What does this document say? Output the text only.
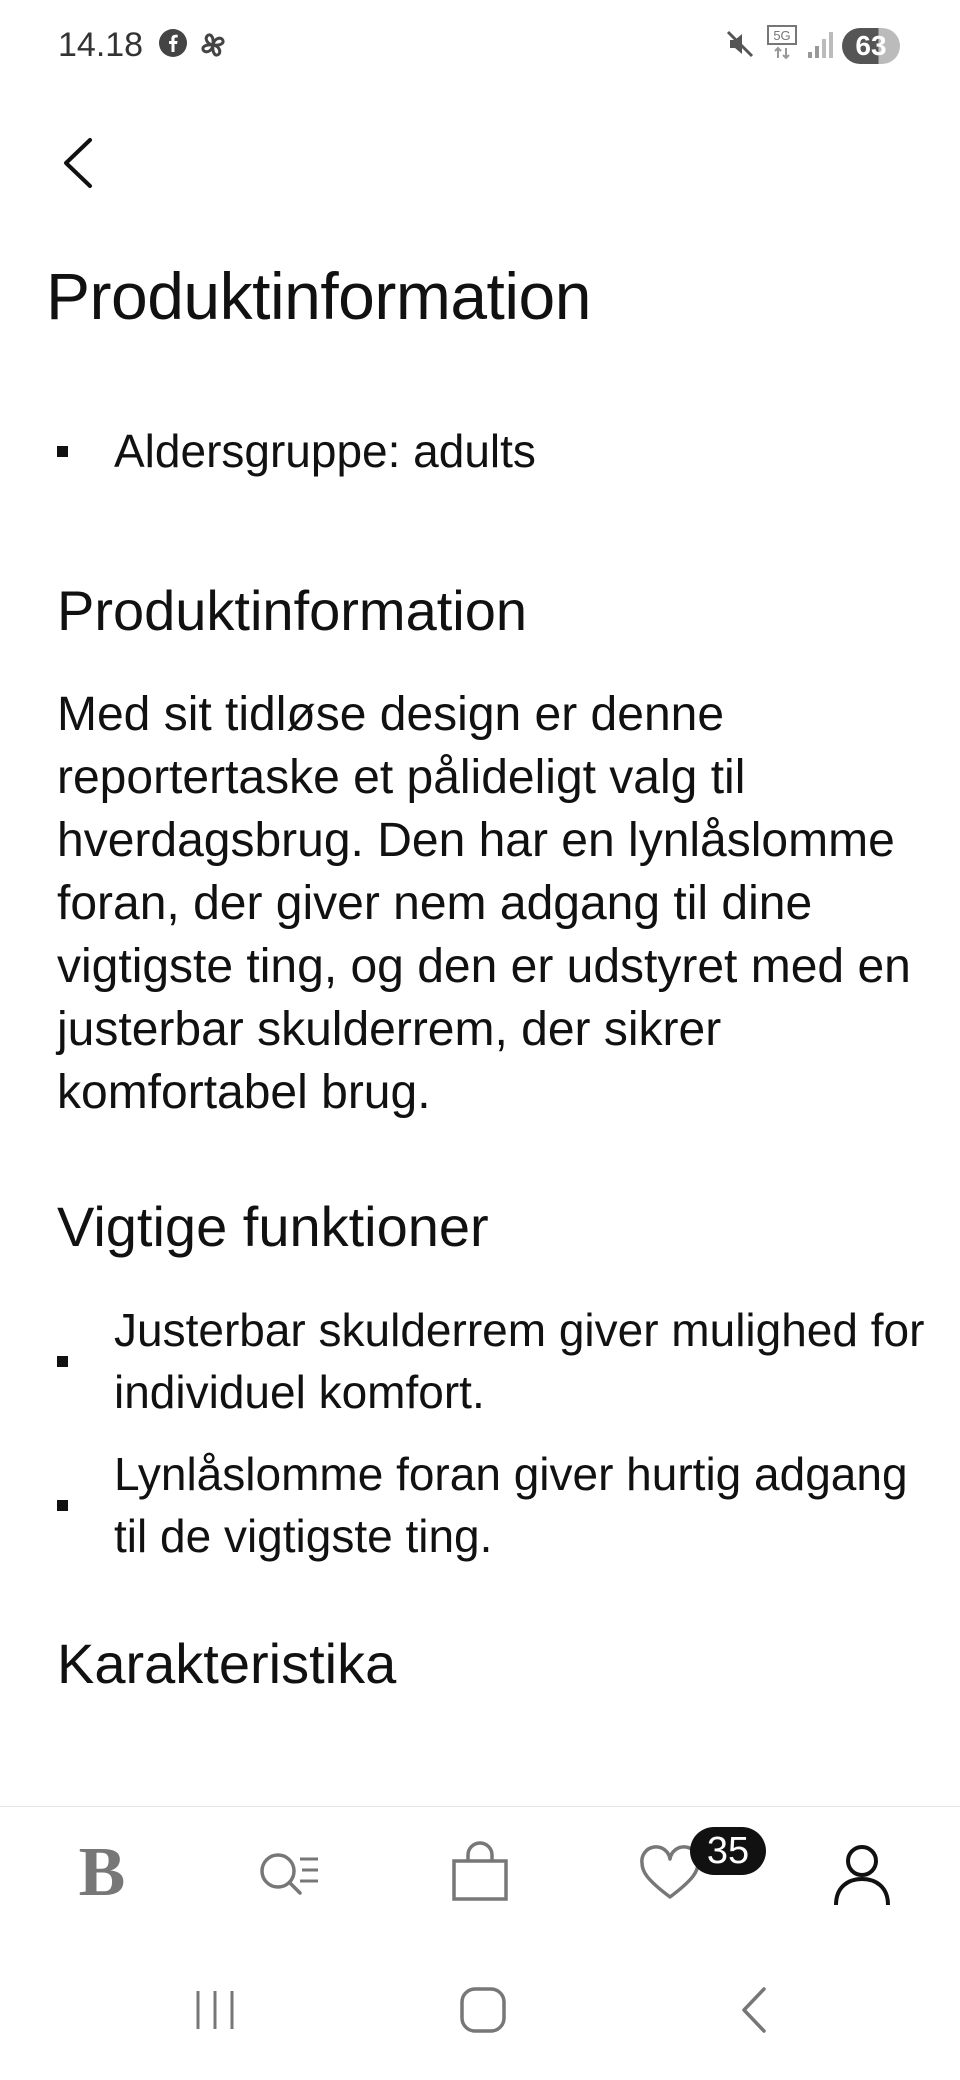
14.18	5G	63
Produktinformation
Aldersgruppe: adults
Produktinformation

Med sit tidløse design er denne reportertaske et pålideligt valg til hverdagsbrug. Den har en lynlåslomme foran, der giver nem adgang til dine vigtigste ting, og den er udstyret med en justerbar skulderrem, der sikrer komfortabel brug.

Vigtige funktioner
Justerbar skulderrem giver mulighed for individuel komfort.
Lynlåslomme foran giver hurtig adgang til de vigtigste ting.
Karakteristika
B	35
